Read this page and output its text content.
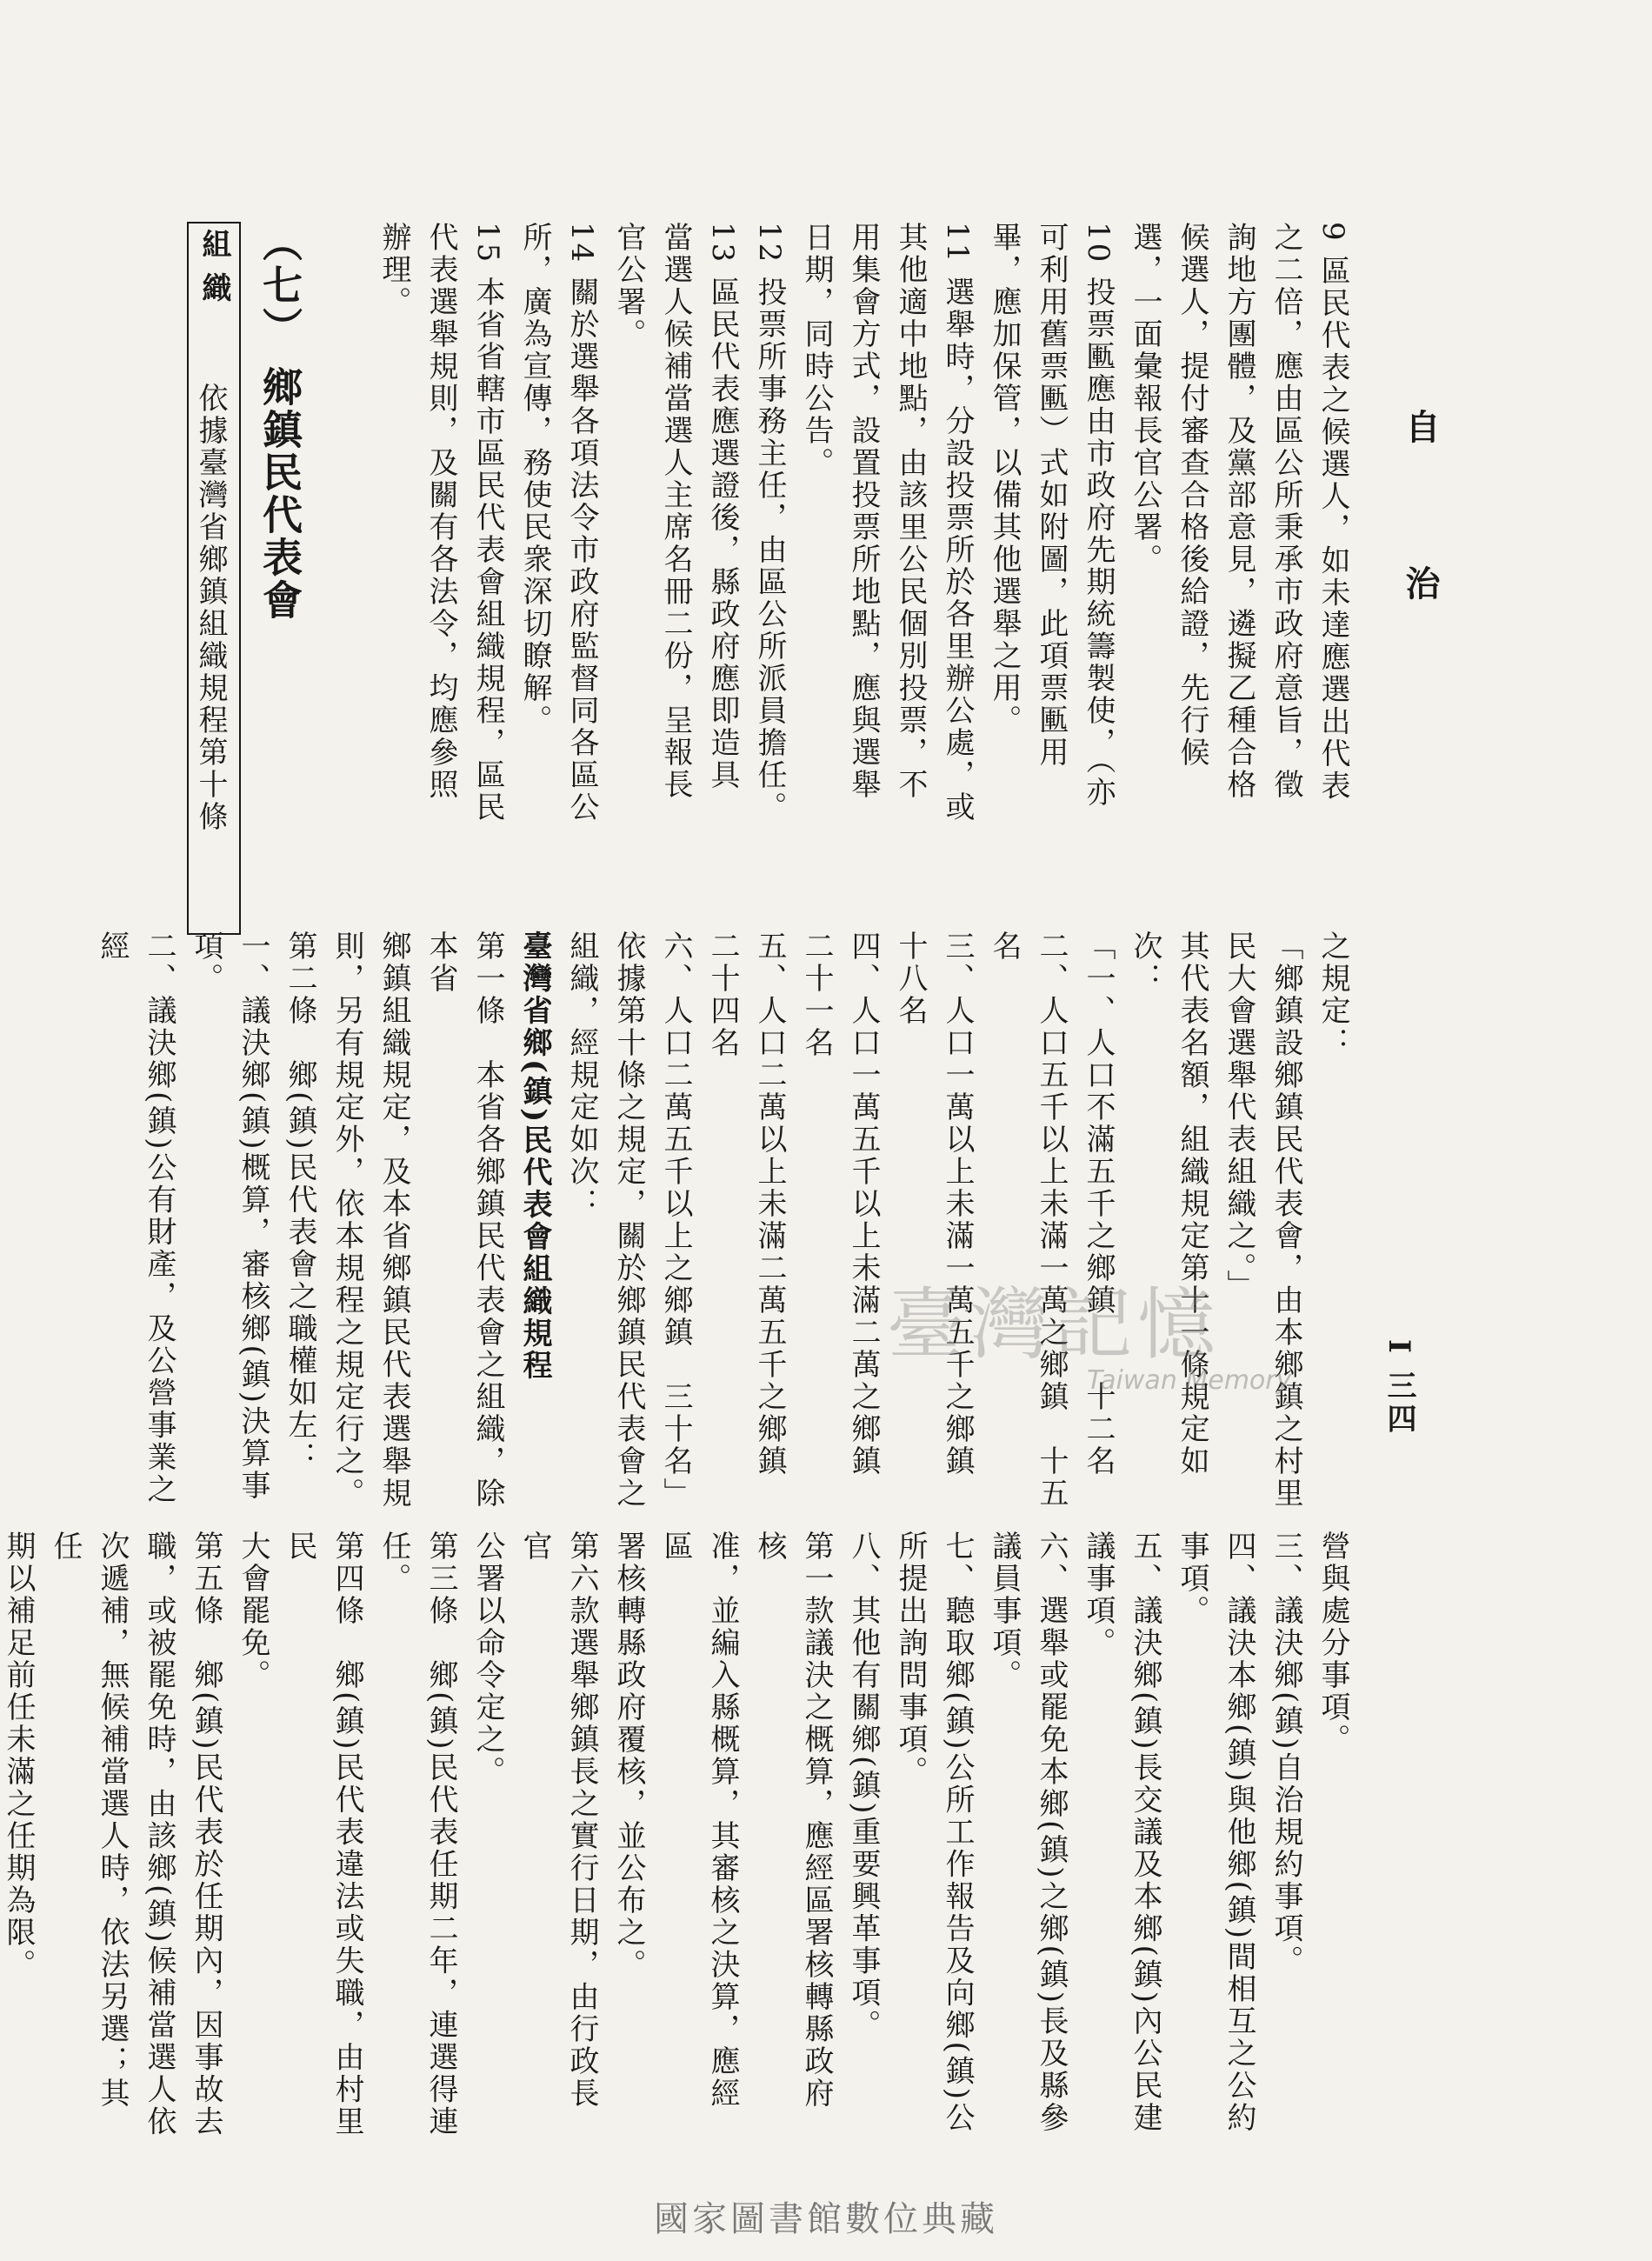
自
治
I 三四
9 區民代表之候選人，如未達應選出代表
之二倍，應由區公所秉承市政府意旨，徵
詢地方團體，及黨部意見，遴擬乙種合格
候選人，提付審查合格後給證，先行候
選，一面彙報長官公署。
10 投票匭應由市政府先期統籌製使，（亦
可利用舊票匭）式如附圖，此項票匭用
畢，應加保管，以備其他選舉之用。
11 選舉時，分設投票所於各里辦公處，或
其他適中地點，由該里公民個別投票，不
用集會方式，設置投票所地點，應與選舉
日期，同時公告。
12 投票所事務主任，由區公所派員擔任。
13 區民代表應選證後，縣政府應即造具
當選人候補當選人主席名冊二份，呈報長
官公署。
14 關於選舉各項法令市政府監督同各區公
所，廣為宣傳，務使民衆深切瞭解。
15 本省省轄市區民代表會組織規程，區民
代表選舉規則，及關有各法令，均應參照
辦理。
（七） 鄉鎮民代表會
組織
依據臺灣省鄉鎮組織規程第十條
之規定：
「鄉鎮設鄉鎮民代表會，由本鄉鎮之村里
民大會選舉代表組織之。」
其代表名額，組織規定第十一條規定如
次：
「一、人口不滿五千之鄉鎮　　十二名
二、人口五千以上未滿一萬之鄉鎮　十五名
三、人口一萬以上未滿一萬五千之鄉鎮　十八名
四、人口一萬五千以上未滿二萬之鄉鎮　二十一名
五、人口二萬以上未滿二萬五千之鄉鎮　二十四名
六、人口二萬五千以上之鄉鎮　三十名」
依據第十條之規定，關於鄉鎮民代表會之
組織，經規定如次：
臺灣省鄉(鎮)民代表會組織規程
第一條　本省各鄉鎮民代表會之組織，除本省
鄉鎮組織規定，及本省鄉鎮民代表選舉規
則，另有規定外，依本規程之規定行之。
第二條　鄉(鎮)民代表會之職權如左：
一、議決鄉(鎮)概算，審核鄉(鎮)決算事
項。
二、議決鄉(鎮)公有財產，及公營事業之經
營與處分事項。
三、議決鄉(鎮)自治規約事項。
四、議決本鄉(鎮)與他鄉(鎮)間相互之公約
事項。
五、議決鄉(鎮)長交議及本鄉(鎮)內公民建
議事項。
六、選舉或罷免本鄉(鎮)之鄉(鎮)長及縣參
議員事項。
七、聽取鄉(鎮)公所工作報告及向鄉(鎮)公
所提出詢問事項。
八、其他有關鄉(鎮)重要興革事項。
第一款議決之概算，應經區署核轉縣政府核
准，並編入縣概算，其審核之決算，應經區
署核轉縣政府覆核，並公布之。
第六款選舉鄉鎮長之實行日期，由行政長官
公署以命令定之。
第三條　鄉(鎮)民代表任期二年，連選得連
任。
第四條　鄉(鎮)民代表違法或失職，由村里民
大會罷免。
第五條　鄉(鎮)民代表於任期內，因事故去
職，或被罷免時，由該鄉(鎮)候補當選人依
次遞補，無候補當選人時，依法另選；其任
期以補足前任未滿之任期為限。
臺灣記憶
Taiwan Memory
國家圖書館數位典藏
